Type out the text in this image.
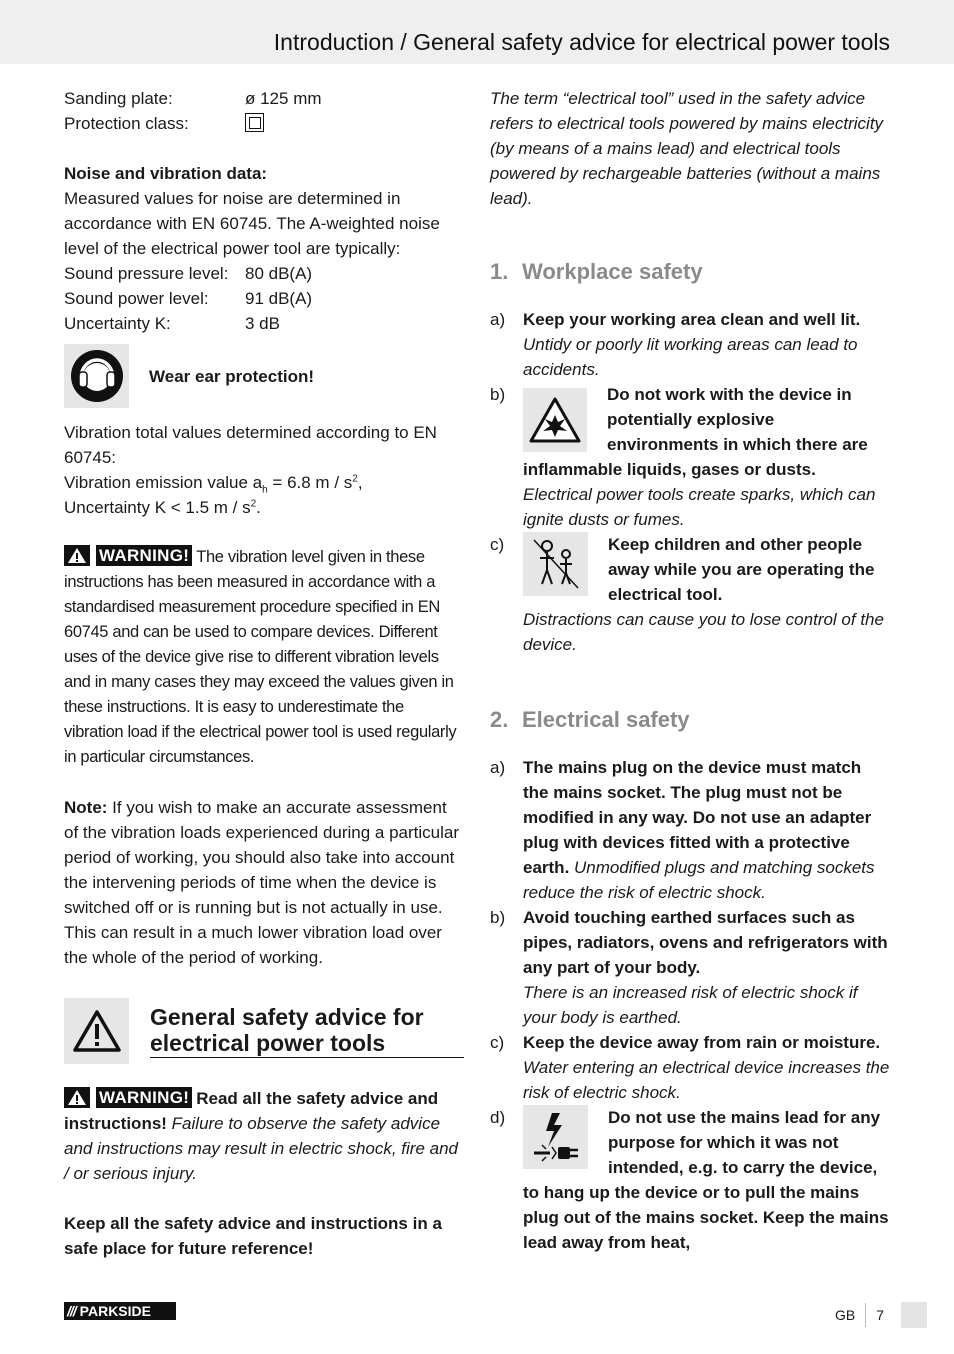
Introduction / General safety advice for electrical power tools
Sanding plate:	ø 125 mm
Protection class:

Noise and vibration data:

Measured values for noise are determined in accordance with EN 60745. The A-weighted noise level of the electrical power tool are typically:

Sound pressure level: 80 dB(A)
Sound power level:	91 dB(A)
Uncertainty K:	3 dB
Wear ear protection!

Vibration total values determined according to EN 60745:

Vibration emission value $a_h = 6.8$ m / $s^2$,

Uncertainty K < 1.5 m / $s^2$.

WARNING! The vibration level given in these instructions has been measured in accordance with a standardised measurement procedure specified in EN 60745 and can be used to compare devices. Different uses of the device give rise to different vibration levels and in many cases they may exceed the values given in these instructions. It is easy to underestimate the vibration load if the electrical power tool is used regularly in particular circumstances.

Note: If you wish to make an accurate assessment of the vibration loads experienced during a particular period of working, you should also take into account the intervening periods of time when the device is switched off or is running but is not actually in use. This can result in a much lower vibration load over the whole of the period of working.

General safety advice for electrical power tools

WARNING! Read all the safety advice and instructions! Failure to observe the safety advice and instructions may result in electric shock, fire and / or serious injury.

Keep all the safety advice and instructions in a safe place for future reference!

The term “electrical tool” used in the safety advice refers to electrical tools powered by mains electricity (by means of a mains lead) and electrical tools powered by rechargeable batteries (without a mains lead).

1. Workplace safety
a)	Keep your working area clean and well lit. Untidy or poorly lit working areas can lead to accidents.
b)	Do not work with the device in potentially explosive environments in which there are inflammable liquids, gases or dusts.
Electrical power tools create sparks, which can ignite dusts or fumes.
c)	Keep children and other people away while you are operating the electrical tool.
Distractions can cause you to lose control of the device.
2. Electrical safety
a)	The mains plug on the device must match the mains socket. The plug must not be modified in any way. Do not use an adapter plug with devices fitted with a protective earth. Unmodified plugs and matching sockets reduce the risk of electric shock.
b)	Avoid touching earthed surfaces such as pipes, radiators, ovens and refrigerators with any part of your body.
There is an increased risk of electric shock if your body is earthed.
c)	Keep the device away from rain or moisture. Water entering an electrical device increases the risk of electric shock.
d)	Do not use the mains lead for any purpose for which it was not intended, e.g. to carry the device, to hang up the device or to pull the mains plug out of the mains socket. Keep the mains lead away from heat,
/// PARKSIDE	GB 7
